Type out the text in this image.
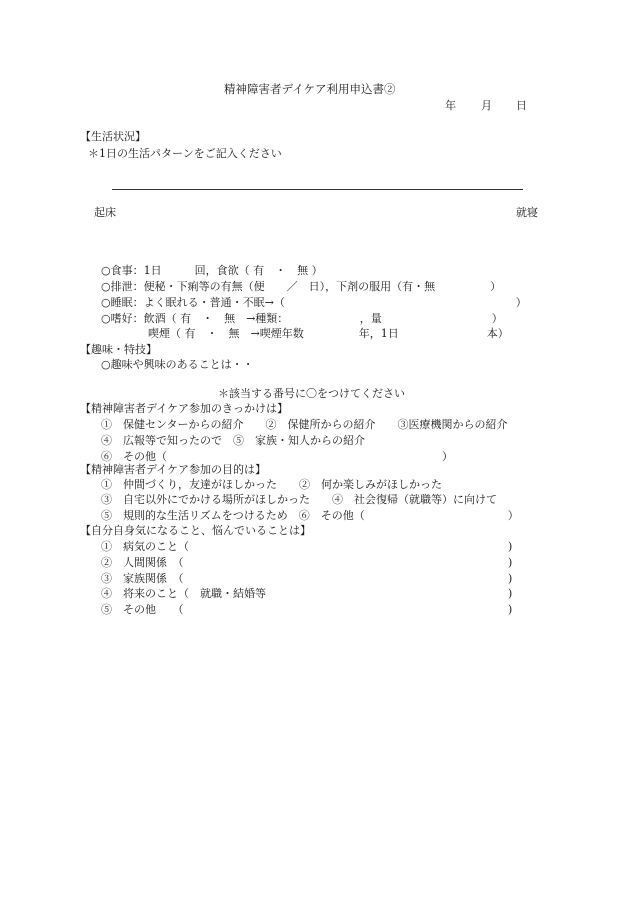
精神障害者デイケア利用申込書②
年 月 日
【生活状況】
＊1日の生活パターンをご記入ください
起床	就寝
○食事：1日　　　回，食欲（ 有　・　無 ）
○排泄：便秘・下痢等の有無（便　　／　日），下剤の服用（有・無　　　　　）
○睡眠：よく眠れる・普通・不眠→（　　　　　　　　　　　　　　　　　　　　　）
○嗜好：飲酒（ 有　・　無　→種類：　　　　　　　，量　　　　　　　　　　）
喫煙（ 有　・　無　→喫煙年数　　　　　年，1日　　　　　　　　本）
【趣味・特技】
○趣味や興味のあることは・・
＊該当する番号に〇をつけてください
【精神障害者デイケア参加のきっかけは】
①　保健センターからの紹介　　②　保健所からの紹介　　③医療機関からの紹介
④　広報等で知ったので　⑤　家族・知人からの紹介
⑥　その他（　　　　　　　　　　　　　　　　　　　　　　　　　）
【精神障害者デイケア参加の目的は】
①　仲間づくり，友達がほしかった　　②　何か楽しみがほしかった
③　自宅以外にでかける場所がほしかった　　④　社会復帰（就職等）に向けて
⑤　規則的な生活リズムをつけるため　⑥　その他（　　　　　　　　　　　　　）
【自分自身気になること、悩んでいることは】
①　病気のこと（	)
②　人間関係　（	)
③　家族関係　（	)
④　将来のこと（　就職・結婚等	)
⑤　その他　　（	)
